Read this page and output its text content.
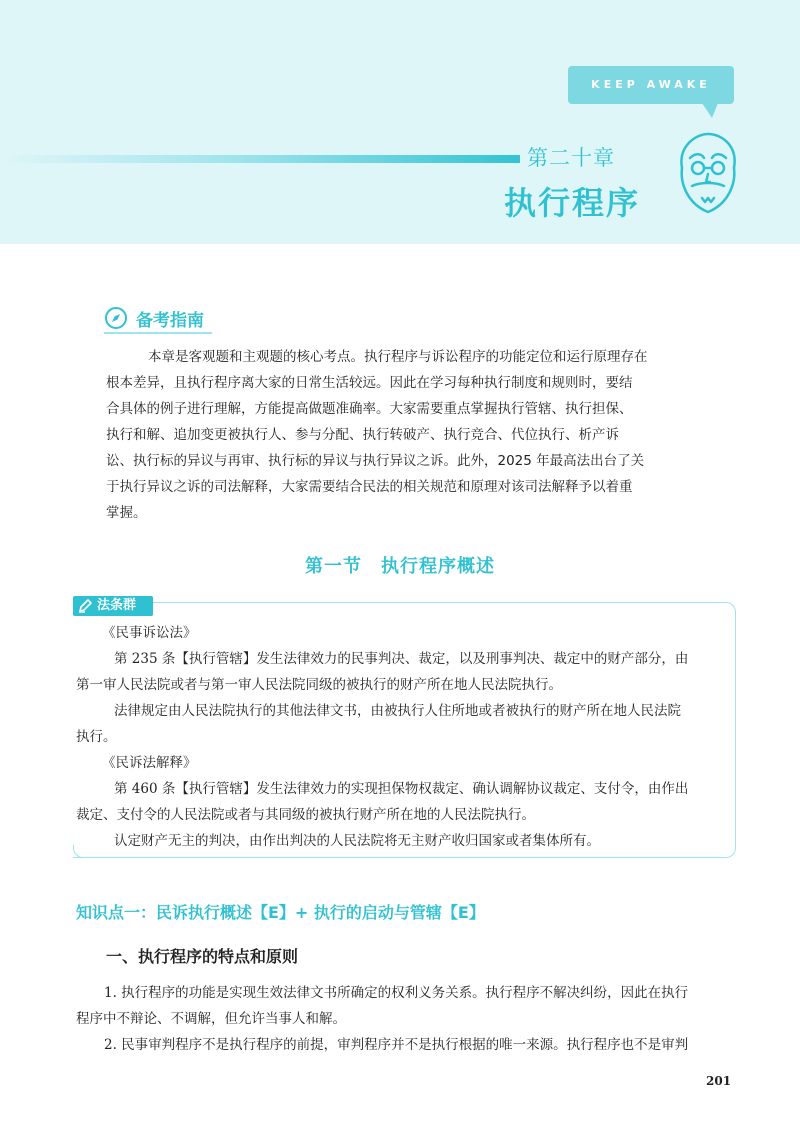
KEEP AWAKE
第二十章
执行程序
备考指南
本章是客观题和主观题的核心考点。执行程序与诉讼程序的功能定位和运行原理存在
根本差异，且执行程序离大家的日常生活较远。因此在学习每种执行制度和规则时，要结
合具体的例子进行理解，方能提高做题准确率。大家需要重点掌握执行管辖、执行担保、
执行和解、追加变更被执行人、参与分配、执行转破产、执行竞合、代位执行、析产诉
讼、执行标的异议与再审、执行标的异议与执行异议之诉。此外，2025 年最高法出台了关
于执行异议之诉的司法解释，大家需要结合民法的相关规范和原理对该司法解释予以着重
掌握。
第一节　执行程序概述
法条群
《民事诉讼法》
第 235 条【执行管辖】发生法律效力的民事判决、裁定，以及刑事判决、裁定中的财产部分，由
第一审人民法院或者与第一审人民法院同级的被执行的财产所在地人民法院执行。
法律规定由人民法院执行的其他法律文书，由被执行人住所地或者被执行的财产所在地人民法院
执行。
《民诉法解释》
第 460 条【执行管辖】发生法律效力的实现担保物权裁定、确认调解协议裁定、支付令，由作出
裁定、支付令的人民法院或者与其同级的被执行财产所在地的人民法院执行。
认定财产无主的判决，由作出判决的人民法院将无主财产收归国家或者集体所有。
知识点一：民诉执行概述【E】+ 执行的启动与管辖【E】
一、执行程序的特点和原则
1. 执行程序的功能是实现生效法律文书所确定的权利义务关系。执行程序不解决纠纷，因此在执行
程序中不辩论、不调解，但允许当事人和解。
2. 民事审判程序不是执行程序的前提，审判程序并不是执行根据的唯一来源。执行程序也不是审判
201
